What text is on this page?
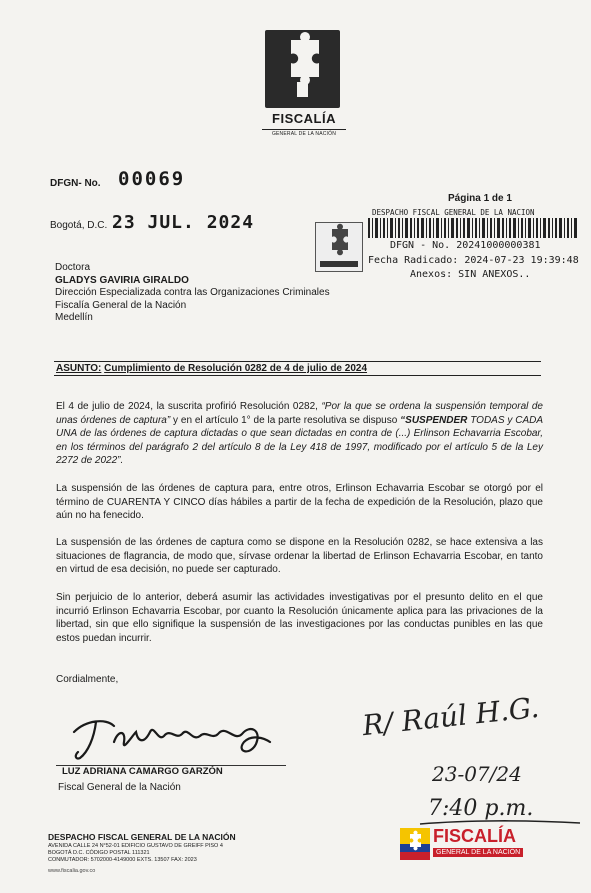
FISCALÍA
GENERAL DE LA NACIÓN
DFGN- No. 00069
Página 1 de 1
Bogotá, D.C. 23 JUL. 2024	DESPACHO FISCAL GENERAL DE LA NACION
DFGN - No. 20241000000381
Fecha Radicado: 2024-07-23 19:39:48
Anexos: SIN ANEXOS..
Doctora
GLADYS GAVIRIA GIRALDO
Dirección Especializada contra las Organizaciones Criminales
Fiscalía General de la Nación
Medellín
ASUNTO: Cumplimiento de Resolución 0282 de 4 de julio de 2024
El 4 de julio de 2024, la suscrita profirió Resolución 0282, “Por la que se ordena la suspensión temporal de unas órdenes de captura” y en el artículo 1° de la parte resolutiva se dispuso “SUSPENDER TODAS y CADA UNA de las órdenes de captura dictadas o que sean dictadas en contra de (...) Erlinson Echavarria Escobar, en los términos del parágrafo 2 del artículo 8 de la Ley 418 de 1997, modificado por el artículo 5 de la Ley 2272 de 2022”.
La suspensión de las órdenes de captura para, entre otros, Erlinson Echavarria Escobar se otorgó por el término de CUARENTA Y CINCO días hábiles a partir de la fecha de expedición de la Resolución, plazo que aún no ha fenecido.
La suspensión de las órdenes de captura como se dispone en la Resolución 0282, se hace extensiva a las situaciones de flagrancia, de modo que, sírvase ordenar la libertad de Erlinson Echavarria Escobar, en tanto en virtud de esa decisión, no puede ser capturado.
Sin perjuicio de lo anterior, deberá asumir las actividades investigativas por el presunto delito en el que incurrió Erlinson Echavarria Escobar, por cuanto la Resolución únicamente aplica para las privaciones de la libertad, sin que ello signifique la suspensión de las investigaciones por las conductas punibles en las que estos puedan incurrir.
Cordialmente,
LUZ ADRIANA CAMARGO GARZÓN
Fiscal General de la Nación
R/ Raúl H.G.
23-07/24
7:40 p.m.
DESPACHO FISCAL GENERAL DE LA NACIÓN
AVENIDA CALLE 24 N°52-01 EDIFICIO GUSTAVO DE GREIFF PISO 4
BOGOTÁ D.C. CÓDIGO POSTAL 111321
CONMUTADOR: 5702000-4149000 EXTS. 13507 FAX: 2023
www.fiscalia.gov.co
FISCALÍA
GENERAL DE LA NACIÓN
